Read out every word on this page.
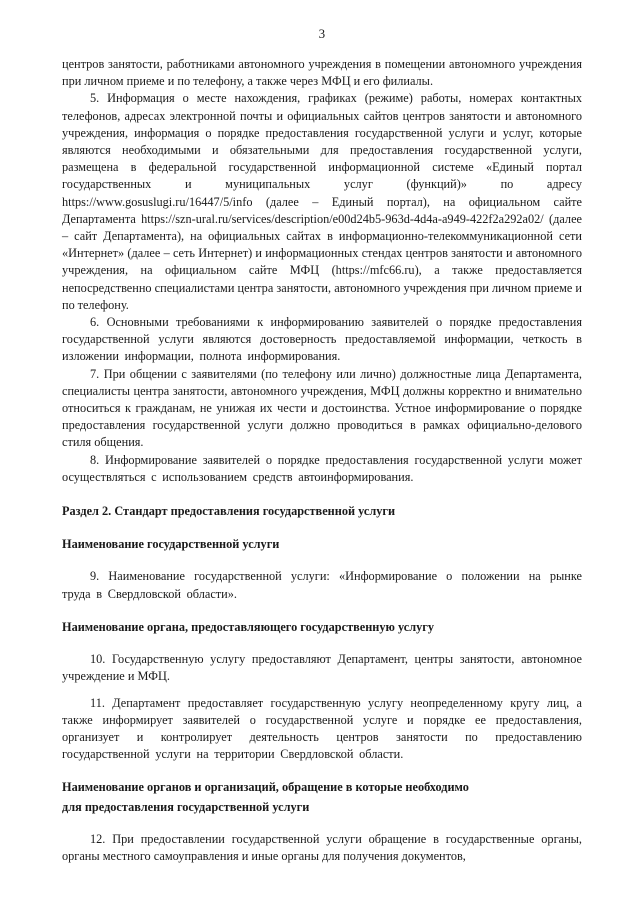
3

центров занятости, работниками автономного учреждения в помещении автономного учреждения при личном приеме и по телефону, а также через МФЦ и его филиалы.

5. Информация о месте нахождения, графиках (режиме) работы, номерах контактных телефонов, адресах электронной почты и официальных сайтов центров занятости и автономного учреждения, информация о порядке предоставления государственной услуги и услуг, которые являются необходимыми и обязательными для предоставления государственной услуги, размещена в федеральной государственной информационной системе «Единый портал государственных и муниципальных услуг (функций)» по адресу https://www.gosuslugi.ru/16447/5/info (далее – Единый портал), на официальном сайте Департамента https://szn-ural.ru/services/description/e00d24b5-963d-4d4a-a949-422f2a292a02/ (далее – сайт Департамента), на официальных сайтах в информационно-телекоммуникационной сети «Интернет» (далее – сеть Интернет) и информационных стендах центров занятости и автономного учреждения, на официальном сайте МФЦ (https://mfc66.ru), а также предоставляется непосредственно специалистами центра занятости, автономного учреждения при личном приеме и по телефону.

6. Основными требованиями к информированию заявителей о порядке предоставления государственной услуги являются достоверность предоставляемой информации, четкость в изложении информации, полнота информирования.

7. При общении с заявителями (по телефону или лично) должностные лица Департамента, специалисты центра занятости, автономного учреждения, МФЦ должны корректно и внимательно относиться к гражданам, не унижая их чести и достоинства. Устное информирование о порядке предоставления государственной услуги должно проводиться в рамках официально-делового стиля общения.

8. Информирование заявителей о порядке предоставления государственной услуги может осуществляться с использованием средств автоинформирования.

Раздел 2. Стандарт предоставления государственной услуги

Наименование государственной услуги

9. Наименование государственной услуги: «Информирование о положении на рынке труда в Свердловской области».

Наименование органа, предоставляющего государственную услугу

10. Государственную услугу предоставляют Департамент, центры занятости, автономное учреждение и МФЦ.

11. Департамент предоставляет государственную услугу неопределенному кругу лиц, а также информирует заявителей о государственной услуге и порядке ее предоставления, организует и контролирует деятельность центров занятости по предоставлению государственной услуги на территории Свердловской области.

Наименование органов и организаций, обращение в которые необходимо

для предоставления государственной услуги

12. При предоставлении государственной услуги обращение в государственные органы, органы местного самоуправления и иные органы для получения документов,
